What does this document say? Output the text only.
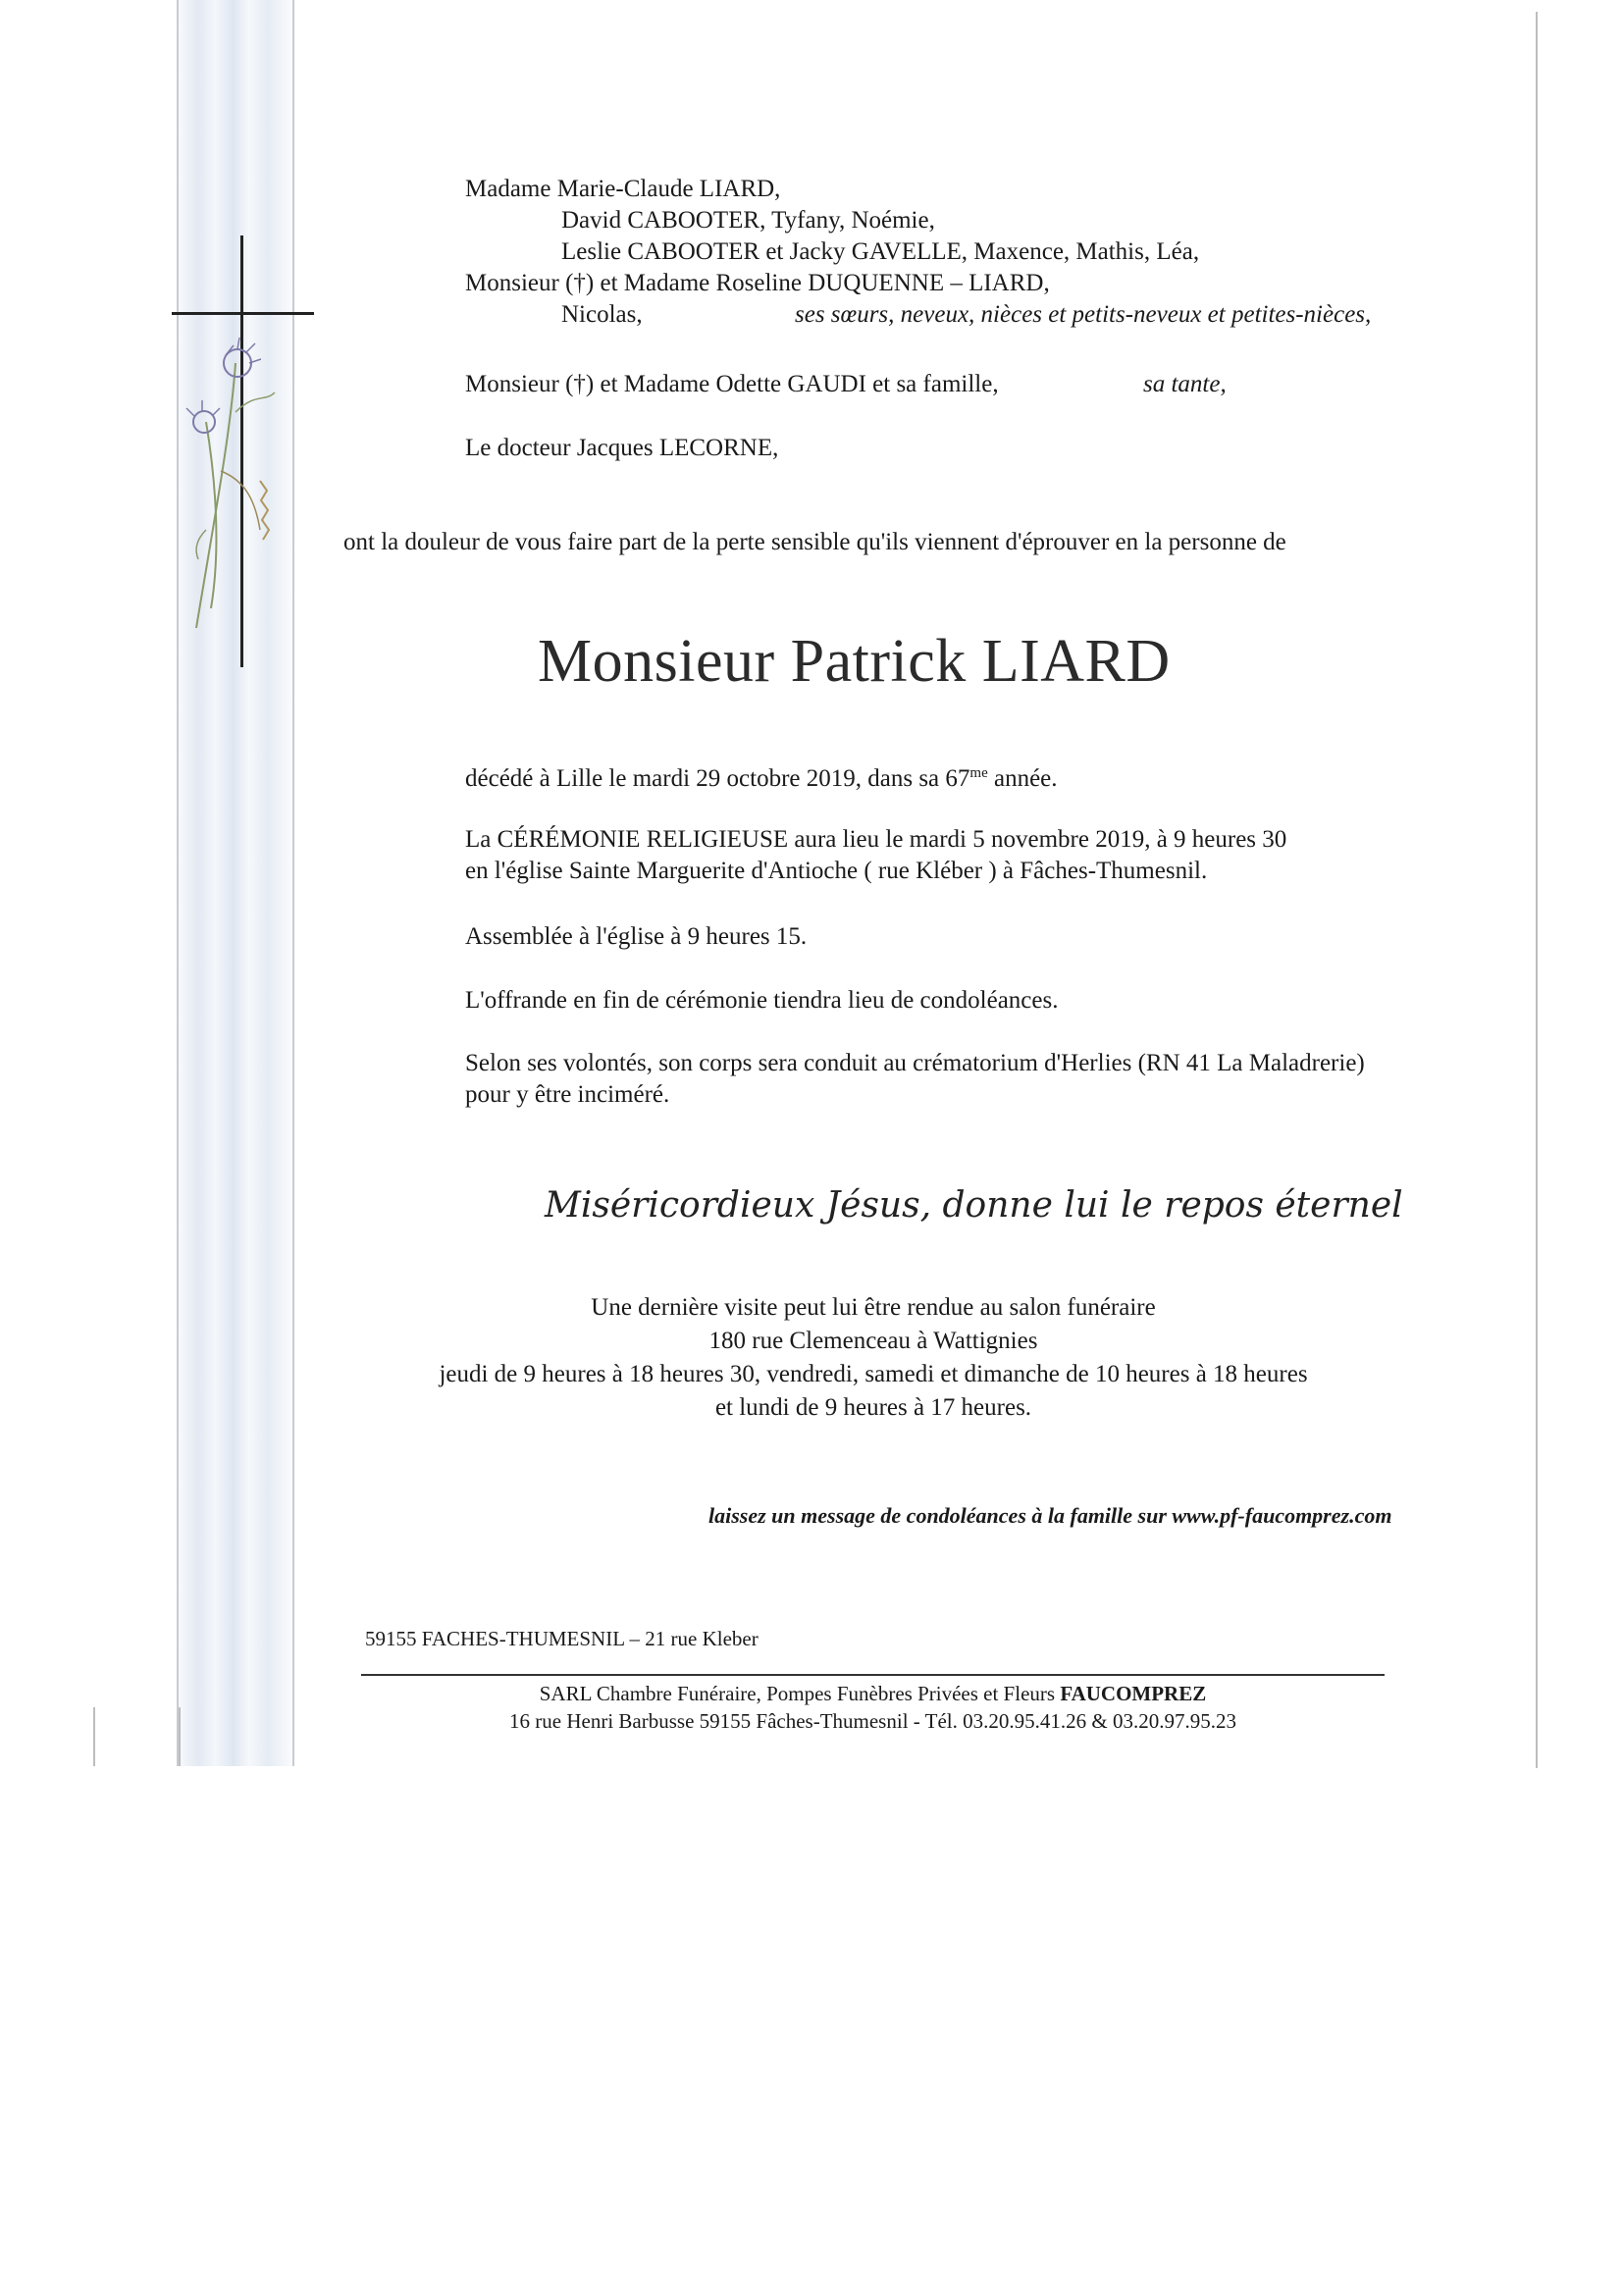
Madame Marie-Claude LIARD,
David CABOOTER, Tyfany, Noémie,
Leslie CABOOTER et Jacky GAVELLE, Maxence, Mathis, Léa,
Monsieur (†) et Madame Roseline DUQUENNE – LIARD,
Nicolas,	ses sœurs, neveux, nièces et petits-neveux et petites-nièces,
Monsieur (†) et Madame Odette GAUDI et sa famille,	sa tante,
Le docteur Jacques LECORNE,
ont la douleur de vous faire part de la perte sensible qu'ils viennent d'éprouver en la personne de
Monsieur Patrick LIARD
décédé à Lille le mardi 29 octobre 2019, dans sa $67^{me}$ année.
La CÉRÉMONIE RELIGIEUSE aura lieu le mardi 5 novembre 2019, à 9 heures 30
en l'église Sainte Marguerite d'Antioche ( rue Kléber ) à Fâches-Thumesnil.
Assemblée à l'église à 9 heures 15.
L'offrande en fin de cérémonie tiendra lieu de condoléances.
Selon ses volontés, son corps sera conduit au crématorium d'Herlies (RN 41 La Maladrerie)
pour y être inciméré.
Miséricordieux Jésus, donne lui le repos éternel
Une dernière visite peut lui être rendue au salon funéraire
180 rue Clemenceau à Wattignies
jeudi de 9 heures à 18 heures 30, vendredi, samedi et dimanche de 10 heures à 18 heures
et lundi de 9 heures à 17 heures.
laissez un message de condoléances à la famille sur www.pf-faucomprez.com
59155 FACHES-THUMESNIL – 21 rue Kleber
SARL Chambre Funéraire, Pompes Funèbres Privées et Fleurs FAUCOMPREZ
16 rue Henri Barbusse 59155 Fâches-Thumesnil - Tél. 03.20.95.41.26 & 03.20.97.95.23
